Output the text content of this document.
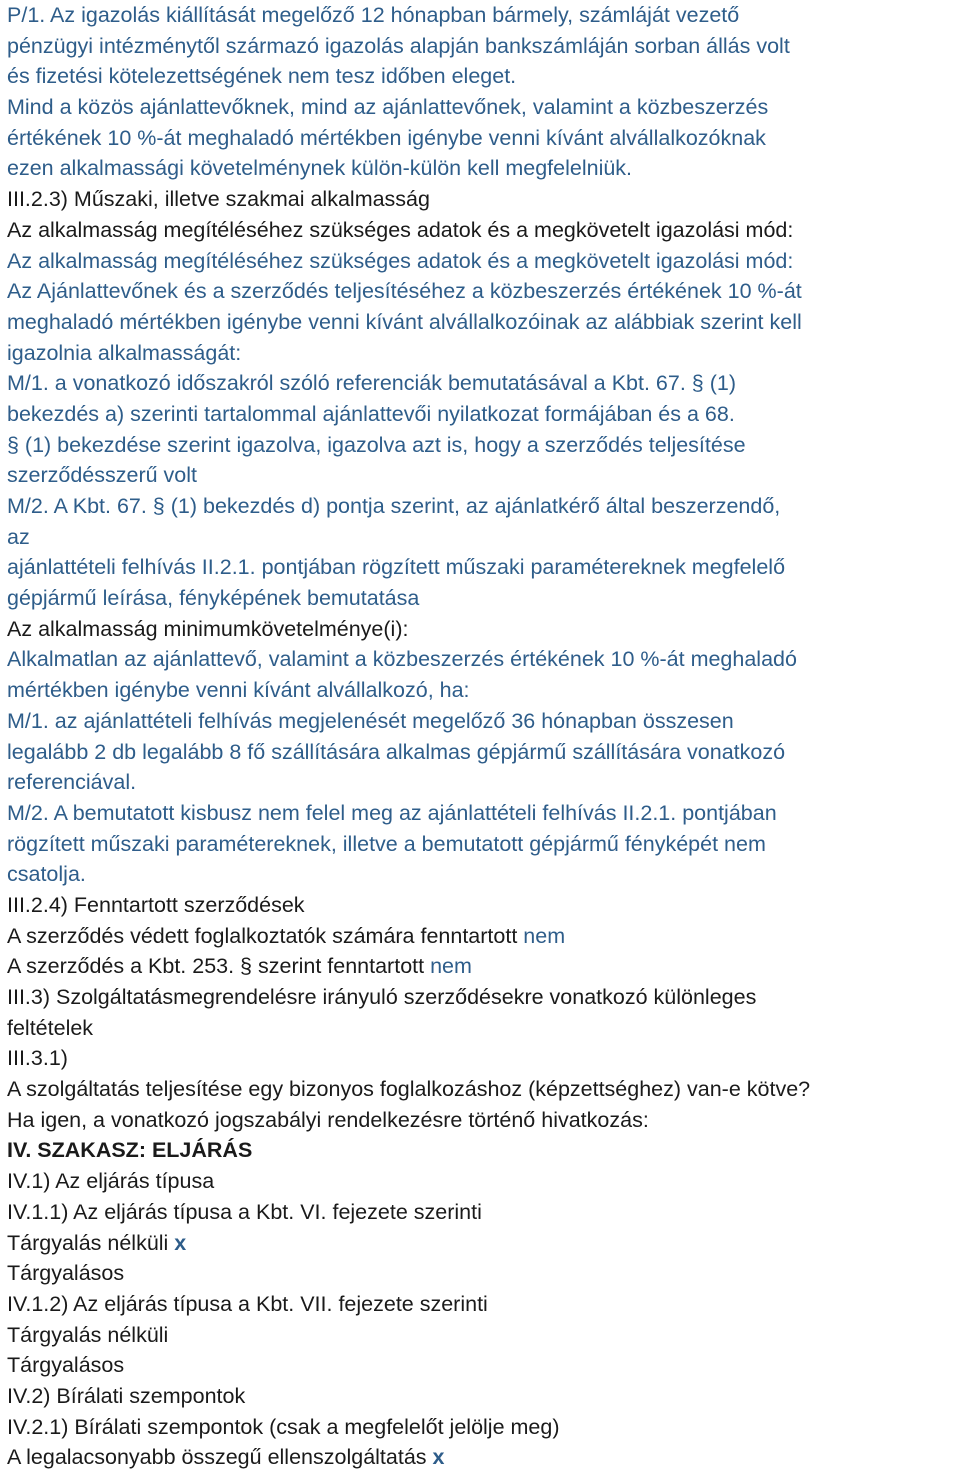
P/1. Az igazolás kiállítását megelőző 12 hónapban bármely, számláját vezető
pénzügyi intézménytől származó igazolás alapján bankszámláján sorban állás volt
és fizetési kötelezettségének nem tesz időben eleget.
Mind a közös ajánlattevőknek, mind az ajánlattevőnek, valamint a közbeszerzés
értékének 10 %-át meghaladó mértékben igénybe venni kívánt alvállalkozóknak
ezen alkalmassági követelménynek külön-külön kell megfelelniük.
III.2.3) Műszaki, illetve szakmai alkalmasság
Az alkalmasság megítéléséhez szükséges adatok és a megkövetelt igazolási mód:
Az alkalmasság megítéléséhez szükséges adatok és a megkövetelt igazolási mód:
Az Ajánlattevőnek és a szerződés teljesítéséhez a közbeszerzés értékének 10 %-át
meghaladó mértékben igénybe venni kívánt alvállalkozóinak az alábbiak szerint kell
igazolnia alkalmasságát:
M/1. a vonatkozó időszakról szóló referenciák bemutatásával a Kbt. 67. § (1)
bekezdés a) szerinti tartalommal ajánlattevői nyilatkozat formájában és a 68.
§ (1) bekezdése szerint igazolva, igazolva azt is, hogy a szerződés teljesítése
szerződésszerű volt
M/2. A Kbt. 67. § (1) bekezdés d) pontja szerint, az ajánlatkérő által beszerzendő,
az
ajánlattételi felhívás II.2.1. pontjában rögzített műszaki paramétereknek megfelelő
gépjármű leírása, fényképének bemutatása
Az alkalmasság minimumkövetelménye(i):
Alkalmatlan az ajánlattevő, valamint a közbeszerzés értékének 10 %-át meghaladó
mértékben igénybe venni kívánt alvállalkozó, ha:
M/1. az ajánlattételi felhívás megjelenését megelőző 36 hónapban összesen
legalább 2 db legalább 8 fő szállítására alkalmas gépjármű szállítására vonatkozó
referenciával.
M/2. A bemutatott kisbusz nem felel meg az ajánlattételi felhívás II.2.1. pontjában
rögzített műszaki paramétereknek, illetve a bemutatott gépjármű fényképét nem
csatolja.
III.2.4) Fenntartott szerződések
A szerződés védett foglalkoztatók számára fenntartott nem
A szerződés a Kbt. 253. § szerint fenntartott nem
III.3) Szolgáltatásmegrendelésre irányuló szerződésekre vonatkozó különleges
feltételek
III.3.1)
A szolgáltatás teljesítése egy bizonyos foglalkozáshoz (képzettséghez) van-e kötve?
Ha igen, a vonatkozó jogszabályi rendelkezésre történő hivatkozás:
IV. SZAKASZ: ELJÁRÁS
IV.1) Az eljárás típusa
IV.1.1) Az eljárás típusa a Kbt. VI. fejezete szerinti
Tárgyalás nélküli x
Tárgyalásos
IV.1.2) Az eljárás típusa a Kbt. VII. fejezete szerinti
Tárgyalás nélküli
Tárgyalásos
IV.2) Bírálati szempontok
IV.2.1) Bírálati szempontok (csak a megfelelőt jelölje meg)
A legalacsonyabb összegű ellenszolgáltatás x
